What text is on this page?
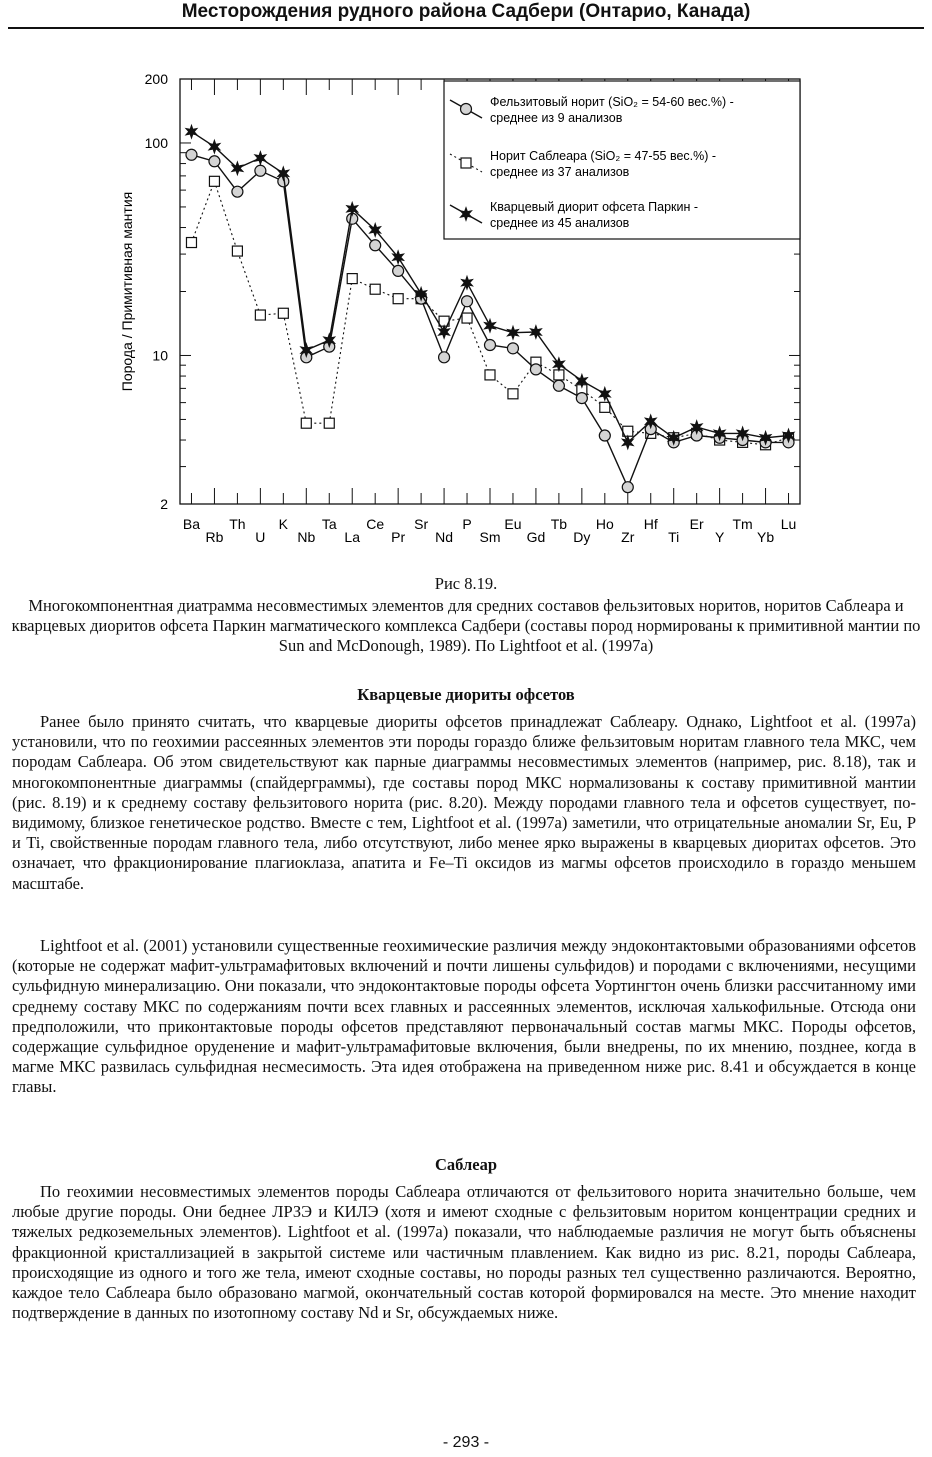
Месторождения рудного района Садбери (Онтарио, Канада)
200
100
10
2
Ba
Rb
Th
U
K
Nb
Ta
La
Ce
Pr
Sr
Nd
P
Sm
Eu
Gd
Tb
Dy
Ho
Zr
Hf
Ti
Er
Y
Tm
Yb
Lu
Порода / Примитивная мантия
Фельзитовый норит (SiO₂ = 54-60 вес.%) -
среднее из 9 анализов
Норит Саблеара (SiO₂ = 47-55 вес.%) -
среднее из 37 анализов
Кварцевый диорит офсета Паркин -
среднее из 45 анализов
Рис 8.19.
Многокомпонентная диатрамма несовместимых элементов для средних составов фельзитовых норитов, норитов Саблеара и кварцевых диоритов офсета Паркин магматического комплекса Садбери (составы пород нормированы к примитивной мантии по Sun and McDonough, 1989). По Lightfoot et al. (1997a)
Кварцевые диориты офсетов

Ранее было принято считать, что кварцевые диориты офсетов принадлежат Саблеару. Однако, Lightfoot et al. (1997a) установили, что по геохимии рассеянных элементов эти породы гораздо ближе фельзитовым норитам главного тела МКС, чем породам Саблеара. Об этом свидетельствуют как парные диаграммы несовместимых элементов (например, рис. 8.18), так и многокомпонентные диаграммы (спайдерграммы), где составы пород МКС нормализованы к составу примитивной мантии (рис. 8.19) и к среднему составу фельзитового норита (рис. 8.20). Между породами главного тела и офсетов существует, по-видимому, близкое генетическое родство. Вместе с тем, Lightfoot et al. (1997a) заметили, что отрицательные аномалии Sr, Eu, P и Ti, свойственные породам главного тела, либо отсутствуют, либо менее ярко выражены в кварцевых диоритах офсетов. Это означает, что фракционирование плагиоклаза, апатита и Fe–Ti оксидов из магмы офсетов происходило в гораздо меньшем масштабе.

Lightfoot et al. (2001) установили существенные геохимические различия между эндоконтактовыми образованиями офсетов (которые не содержат мафит-ультрамафитовых включений и почти лишены сульфидов) и породами с включениями, несущими сульфидную минерализацию. Они показали, что эндоконтактовые породы офсета Уортингтон очень близки рассчитанному ими среднему составу МКС по содержаниям почти всех главных и рассеянных элементов, исключая халькофильные. Отсюда они предположили, что приконтактовые породы офсетов представляют первоначальный состав магмы МКС. Породы офсетов, содержащие сульфидное оруденение и мафит-ультрамафитовые включения, были внедрены, по их мнению, позднее, когда в магме МКС развилась сульфидная несмесимость. Эта идея отображена на приведенном ниже рис. 8.41 и обсуждается в конце главы.

Саблеар

По геохимии несовместимых элементов породы Саблеара отличаются от фельзитового норита значительно больше, чем любые другие породы. Они беднее ЛРЗЭ и КИЛЭ (хотя и имеют сходные с фельзитовым норитом концентрации средних и тяжелых редкоземельных элементов). Lightfoot et al. (1997a) показали, что наблюдаемые различия не могут быть объяснены фракционной кристаллизацией в закрытой системе или частичным плавлением. Как видно из рис. 8.21, породы Саблеара, происходящие из одного и того же тела, имеют сходные составы, но породы разных тел существенно различаются. Вероятно, каждое тело Саблеара было образовано магмой, окончательный состав которой формировался на месте. Это мнение находит подтверждение в данных по изотопному составу Nd и Sr, обсуждаемых ниже.

- 293 -
